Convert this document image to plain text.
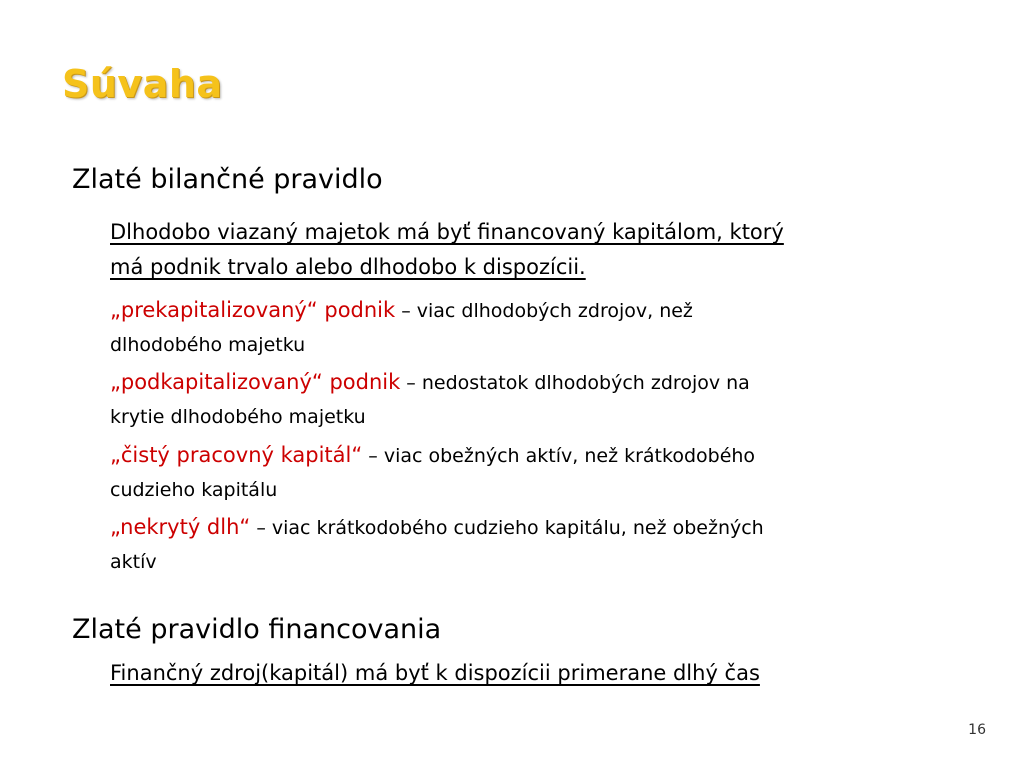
Súvaha
Zlaté bilančné pravidlo

Dlhodobo viazaný majetok má byť financovaný kapitálom, ktorý

má podnik trvalo alebo dlhodobo k dispozícii.

„prekapitalizovaný“ podnik – viac dlhodobých zdrojov, než

dlhodobého majetku

„podkapitalizovaný“ podnik – nedostatok dlhodobých zdrojov na

krytie dlhodobého majetku

„čistý pracovný kapitál“ – viac obežných aktív, než krátkodobého

cudzieho kapitálu

„nekrytý dlh“ – viac krátkodobého cudzieho kapitálu, než obežných

aktív

Zlaté pravidlo financovania

Finančný zdroj(kapitál) má byť k dispozícii primerane dlhý čas

16
